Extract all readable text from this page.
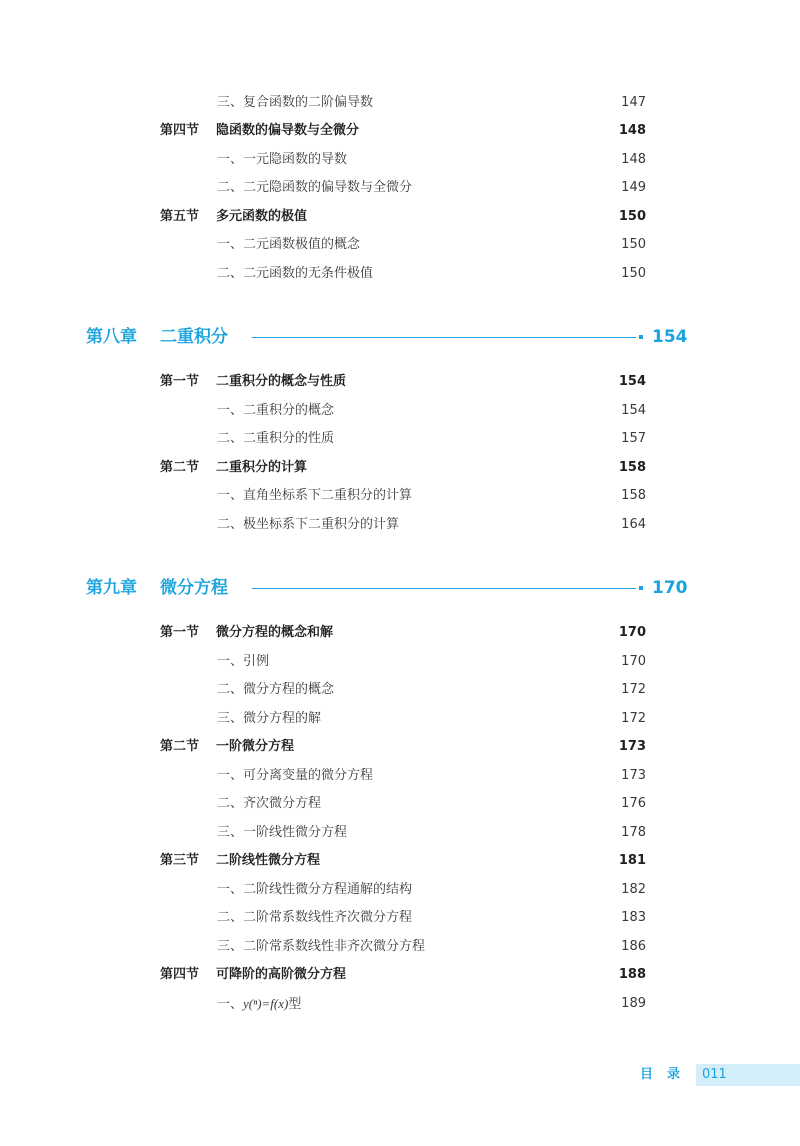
三、复合函数的二阶偏导数	147
第四节 隐函数的偏导数与全微分	148
一、一元隐函数的导数	148
二、二元隐函数的偏导数与全微分	149
第五节 多元函数的极值	150
一、二元函数极值的概念	150
二、二元函数的无条件极值	150
第八章 二重积分	154
第一节 二重积分的概念与性质	154
一、二重积分的概念	154
二、二重积分的性质	157
第二节 二重积分的计算	158
一、直角坐标系下二重积分的计算	158
二、极坐标系下二重积分的计算	164
第九章 微分方程	170
第一节 微分方程的概念和解	170
一、引例	170
二、微分方程的概念	172
三、微分方程的解	172
第二节 一阶微分方程	173
一、可分离变量的微分方程	173
二、齐次微分方程	176
三、一阶线性微分方程	178
第三节 二阶线性微分方程	181
一、二阶线性微分方程通解的结构	182
二、二阶常系数线性齐次微分方程	183
三、二阶常系数线性非齐次微分方程	186
第四节 可降阶的高阶微分方程	188
一、y(ⁿ)=f(x)型	189
目录 011
